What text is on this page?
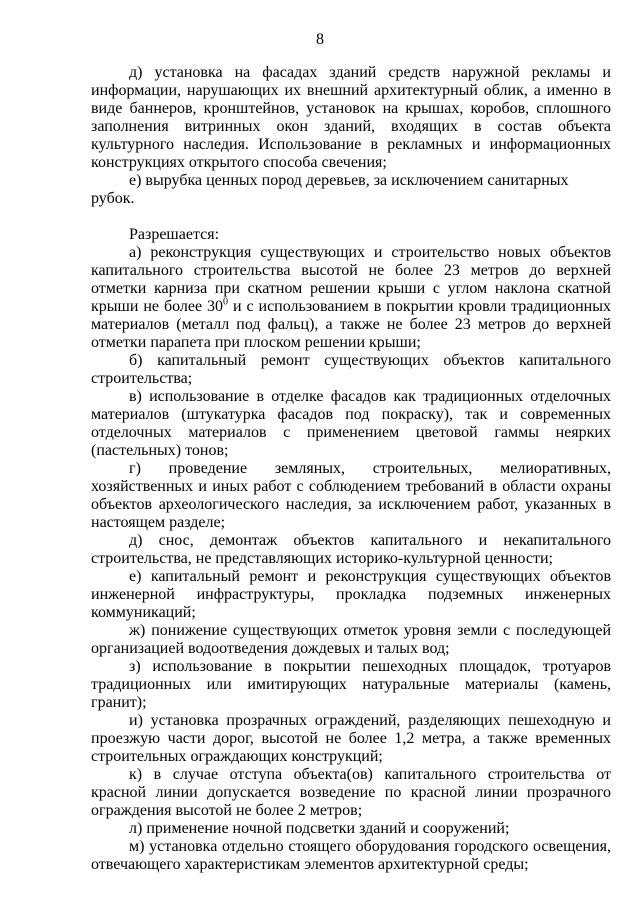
8

д) установка на фасадах зданий средств наружной рекламы и информации, нарушающих их внешний архитектурный облик, а именно в виде баннеров, кронштейнов, установок на крышах, коробов, сплошного заполнения витринных окон зданий, входящих в состав объекта культурного наследия. Использование в рекламных и информационных конструкциях открытого способа свечения;

е) вырубка ценных пород деревьев, за исключением санитарных рубок.

Разрешается:

а) реконструкция существующих и строительство новых объектов капитального строительства высотой не более 23 метров до верхней отметки карниза при скатном решении крыши с углом наклона скатной крыши не более $30^0$ и с использованием в покрытии кровли традиционных материалов (металл под фальц), а также не более 23 метров до верхней отметки парапета при плоском решении крыши;

б) капитальный ремонт существующих объектов капитального строительства;

в) использование в отделке фасадов как традиционных отделочных материалов (штукатурка фасадов под покраску), так и современных отделочных материалов с применением цветовой гаммы неярких (пастельных) тонов;

г) проведение земляных, строительных, мелиоративных, хозяйственных и иных работ с соблюдением требований в области охраны объектов археологического наследия, за исключением работ, указанных в настоящем разделе;

д) снос, демонтаж объектов капитального и некапитального строительства, не представляющих историко-культурной ценности;

е) капитальный ремонт и реконструкция существующих объектов инженерной инфраструктуры, прокладка подземных инженерных коммуникаций;

ж) понижение существующих отметок уровня земли с последующей организацией водоотведения дождевых и талых вод;

з) использование в покрытии пешеходных площадок, тротуаров традиционных или имитирующих натуральные материалы (камень, гранит);

и) установка прозрачных ограждений, разделяющих пешеходную и проезжую части дорог, высотой не более 1,2 метра, а также временных строительных ограждающих конструкций;

к) в случае отступа объекта(ов) капитального строительства от красной линии допускается возведение по красной линии прозрачного ограждения высотой не более 2 метров;

л) применение ночной подсветки зданий и сооружений;

м) установка отдельно стоящего оборудования городского освещения, отвечающего характеристикам элементов архитектурной среды;
